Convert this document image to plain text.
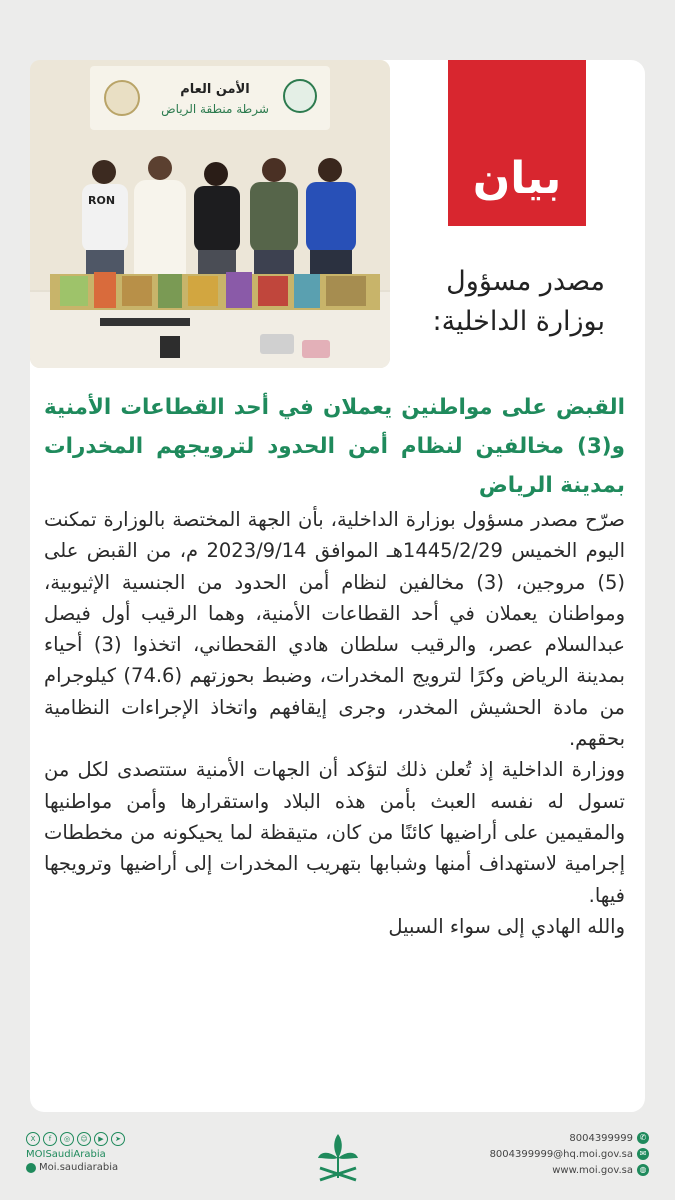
الأمن العام
شرطة منطقة الرياض
RON	بيان
مصدر مسؤول
بوزارة الداخلية:
القبض على مواطنين يعملان في أحد القطاعات الأمنية و(3) مخالفين لنظام أمن الحدود لترويجهم المخدرات بمدينة الرياض

صرّح مصدر مسؤول بوزارة الداخلية، بأن الجهة المختصة بالوزارة تمكنت اليوم الخميس 1445/2/29هـ الموافق 2023/9/14 م، من القبض على (5) مروجين، (3) مخالفين لنظام أمن الحدود من الجنسية الإثيوبية، ومواطنان يعملان في أحد القطاعات الأمنية، وهما الرقيب أول فيصل عبدالسلام عصر، والرقيب سلطان هادي القحطاني، اتخذوا (3) أحياء بمدينة الرياض وكرًا لترويج المخدرات، وضبط بحوزتهم (74.6) كيلوجرام من مادة الحشيش المخدر، وجرى إيقافهم واتخاذ الإجراءات النظامية بحقهم.

ووزارة الداخلية إذ تُعلن ذلك لتؤكد أن الجهات الأمنية ستتصدى لكل من تسول له نفسه العبث بأمن هذه البلاد واستقرارها وأمن مواطنيها والمقيمين على أراضيها كائنًا من كان، متيقظة لما يحيكونه من مخططات إجرامية لاستهداف أمنها وشبابها بتهريب المخدرات إلى أراضيها وترويجها فيها.

والله الهادي إلى سواء السبيل

X	f	◎	☺	▶	➤
MOISaudiArabia
Moi.saudiarabia
8004399999 ✆
8004399999@hq.moi.gov.sa ✉
www.moi.gov.sa ◍
